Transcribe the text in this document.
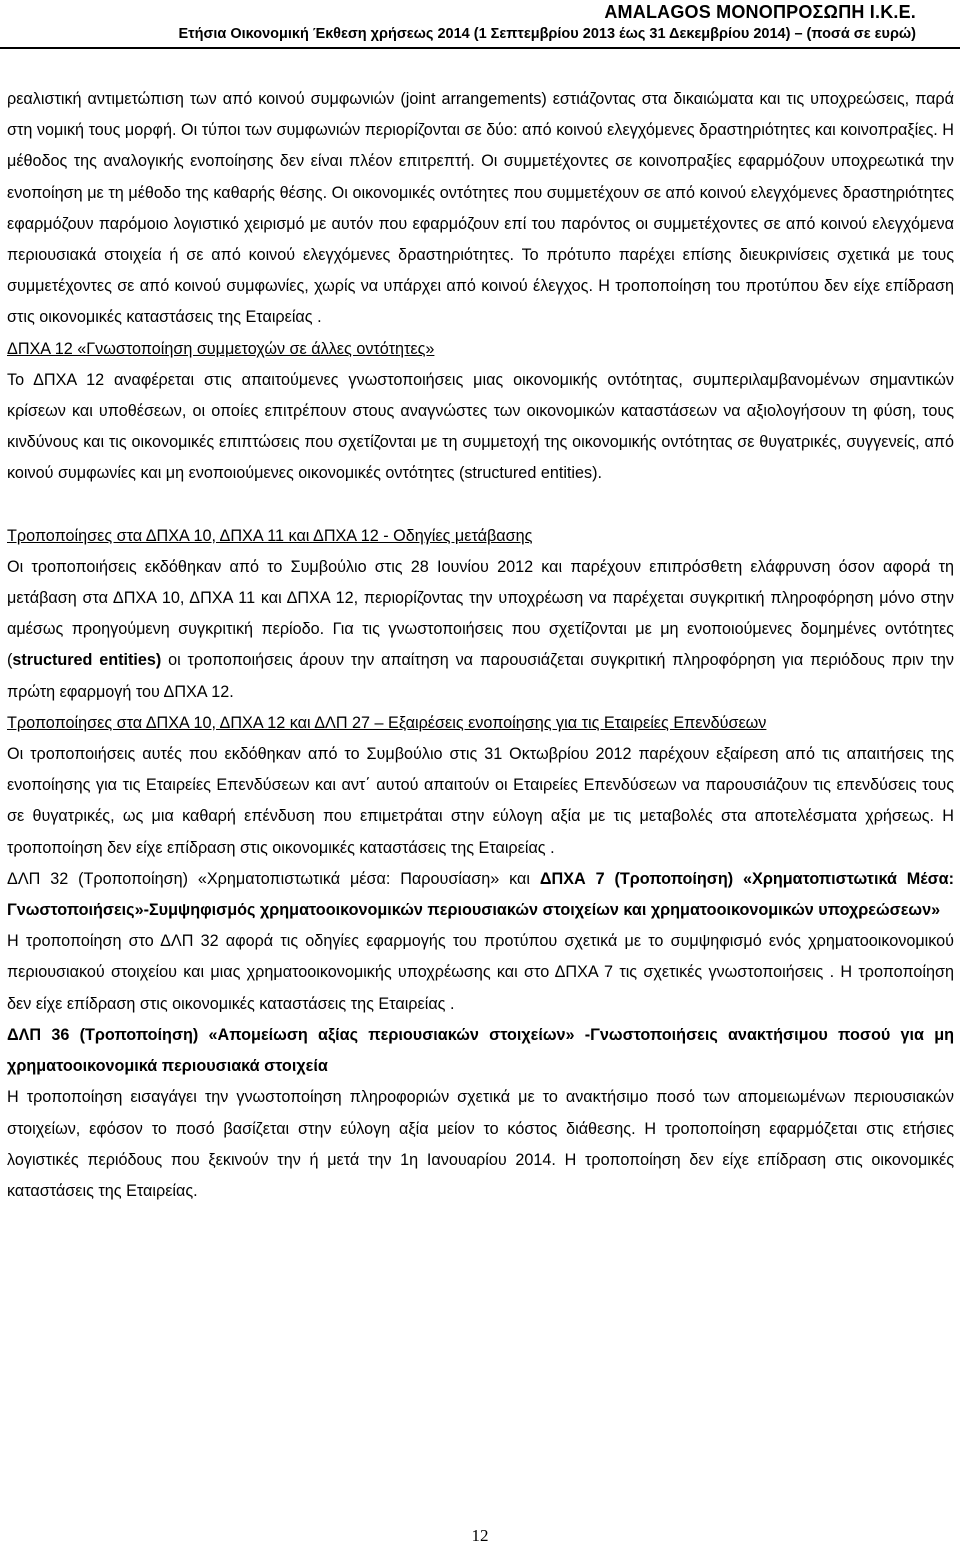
AMALAGOS ΜΟΝΟΠΡΟΣΩΠΗ Ι.Κ.Ε.
Ετήσια Οικονομική Έκθεση χρήσεως 2014 (1 Σεπτεμβρίου 2013 έως 31 Δεκεμβρίου 2014) – (ποσά σε ευρώ)

ρεαλιστική αντιμετώπιση των από κοινού συμφωνιών (joint arrangements) εστιάζοντας στα δικαιώματα και τις υποχρεώσεις, παρά στη νομική τους μορφή. Οι τύποι των συμφωνιών περιορίζονται σε δύο: από κοινού ελεγχόμενες δραστηριότητες και κοινοπραξίες. Η μέθοδος της αναλογικής ενοποίησης δεν είναι πλέον επιτρεπτή. Οι συμμετέχοντες σε κοινοπραξίες εφαρμόζουν υποχρεωτικά την ενοποίηση με τη μέθοδο της καθαρής θέσης. Οι οικονομικές οντότητες που συμμετέχουν σε από κοινού ελεγχόμενες δραστηριότητες εφαρμόζουν παρόμοιο λογιστικό χειρισμό με αυτόν που εφαρμόζουν επί του παρόντος οι συμμετέχοντες σε από κοινού ελεγχόμενα περιουσιακά στοιχεία ή σε από κοινού ελεγχόμενες δραστηριότητες. Το πρότυπο παρέχει επίσης διευκρινίσεις σχετικά με τους συμμετέχοντες σε από κοινού συμφωνίες, χωρίς να υπάρχει από κοινού έλεγχος. Η τροποποίηση του προτύπου δεν είχε επίδραση στις οικονομικές καταστάσεις της Εταιρείας .

ΔΠΧΑ 12 «Γνωστοποίηση συμμετοχών σε άλλες οντότητες»

Το ΔΠΧΑ 12 αναφέρεται στις απαιτούμενες γνωστοποιήσεις μιας οικονομικής οντότητας, συμπεριλαμβανομένων σημαντικών κρίσεων και υποθέσεων, οι οποίες επιτρέπουν στους αναγνώστες των οικονομικών καταστάσεων να αξιολογήσουν τη φύση, τους κινδύνους και τις οικονομικές επιπτώσεις που σχετίζονται με τη συμμετοχή της οικονομικής οντότητας σε θυγατρικές, συγγενείς, από κοινού συμφωνίες και μη ενοποιούμενες οικονομικές οντότητες (structured entities).

Τροποποίησες στα ΔΠΧΑ 10, ΔΠΧΑ 11 και ΔΠΧΑ 12 - Οδηγίες μετάβασης

Οι τροποποιήσεις εκδόθηκαν από το Συμβούλιο στις 28 Ιουνίου 2012 και παρέχουν επιπρόσθετη ελάφρυνση όσον αφορά τη μετάβαση στα ΔΠΧΑ 10, ΔΠΧΑ 11 και ΔΠΧΑ 12, περιορίζοντας την υποχρέωση να παρέχεται συγκριτική πληροφόρηση μόνο στην αμέσως προηγούμενη συγκριτική περίοδο. Για τις γνωστοποιήσεις που σχετίζονται με μη ενοποιούμενες δομημένες οντότητες (structured entities) οι τροποποιήσεις άρουν την απαίτηση να παρουσιάζεται συγκριτική πληροφόρηση για περιόδους πριν την πρώτη εφαρμογή του ΔΠΧΑ 12.

Τροποποίησες στα ΔΠΧΑ 10, ΔΠΧΑ 12 και ΔΛΠ 27 – Εξαιρέσεις ενοποίησης για τις Εταιρείες Επενδύσεων

Οι τροποποιήσεις αυτές που εκδόθηκαν από το Συμβούλιο στις 31 Οκτωβρίου 2012 παρέχουν εξαίρεση από τις απαιτήσεις της ενοποίησης για τις Εταιρείες Επενδύσεων και αντ΄ αυτού απαιτούν οι Εταιρείες Επενδύσεων να παρουσιάζουν τις επενδύσεις τους σε θυγατρικές, ως μια καθαρή επένδυση που επιμετράται στην εύλογη αξία με τις μεταβολές στα αποτελέσματα χρήσεως. Η τροποποίηση δεν είχε επίδραση στις οικονομικές καταστάσεις της Εταιρείας .

ΔΛΠ 32 (Τροποποίηση) «Χρηματοπιστωτικά μέσα: Παρουσίαση» και ΔΠΧΑ 7 (Τροποποίηση) «Χρηματοπιστωτικά Μέσα: Γνωστοποιήσεις»-Συμψηφισμός χρηματοοικονομικών περιουσιακών στοιχείων και χρηματοοικονομικών υποχρεώσεων»

Η τροποποίηση στο ΔΛΠ 32 αφορά τις οδηγίες εφαρμογής του προτύπου σχετικά με το συμψηφισμό ενός χρηματοοικονομικού περιουσιακού στοιχείου και μιας χρηματοοικονομικής υποχρέωσης και στο ΔΠΧΑ 7 τις σχετικές γνωστοποιήσεις . Η τροποποίηση δεν είχε επίδραση στις οικονομικές καταστάσεις της Εταιρείας .

ΔΛΠ 36 (Τροποποίηση) «Απομείωση αξίας περιουσιακών στοιχείων» -Γνωστοποιήσεις ανακτήσιμου ποσού για μη χρηματοοικονομικά περιουσιακά στοιχεία

Η τροποποίηση εισαγάγει την γνωστοποίηση πληροφοριών σχετικά με το ανακτήσιμο ποσό των απομειωμένων περιουσιακών στοιχείων, εφόσον το ποσό βασίζεται στην εύλογη αξία μείον το κόστος διάθεσης. Η τροποποίηση εφαρμόζεται στις ετήσιες λογιστικές περιόδους που ξεκινούν την ή μετά την 1η Ιανουαρίου 2014. Η τροποποίηση δεν είχε επίδραση στις οικονομικές καταστάσεις της Εταιρείας.

12
